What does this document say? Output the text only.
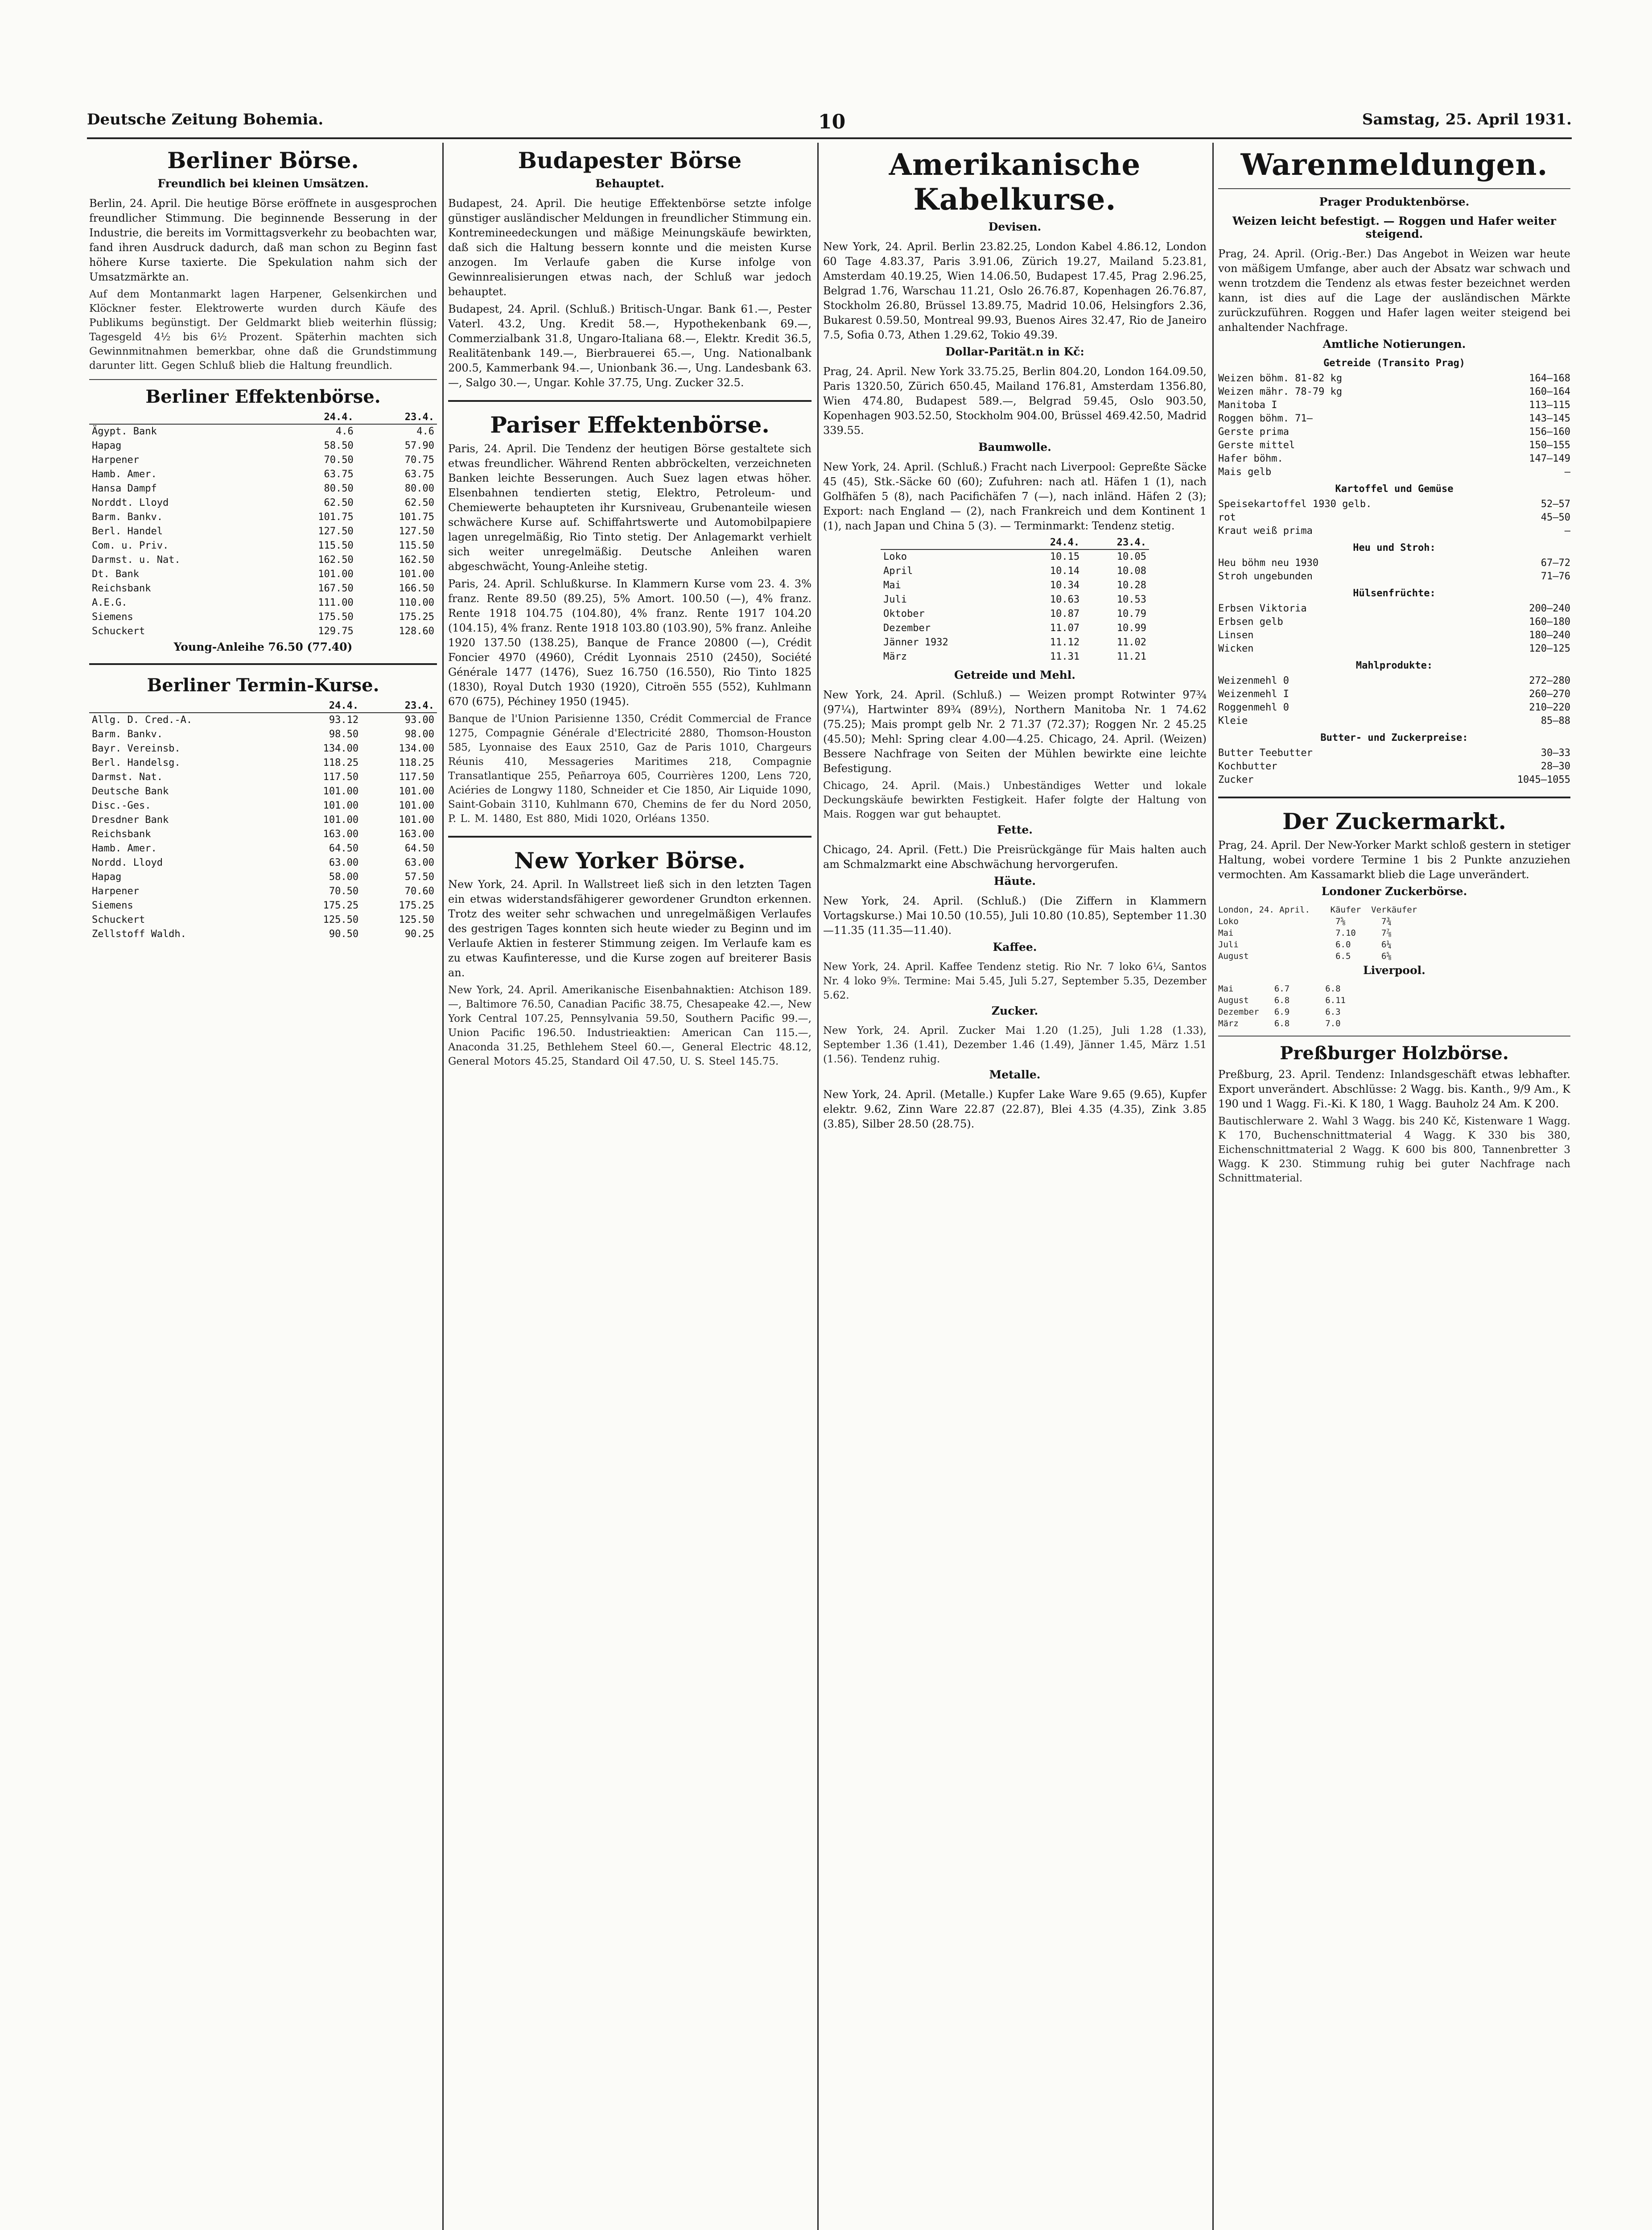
Deutsche Zeitung Bohemia.	10	Samstag, 25. April 1931.
Berliner Börse.
Freundlich bei kleinen Umsätzen.

Berlin, 24. April. Die heutige Börse eröffnete in ausgesprochen freundlicher Stimmung. Die beginnende Besserung in der Industrie, die bereits im Vormittagsverkehr zu beobachten war, fand ihren Ausdruck dadurch, daß man schon zu Beginn fast höhere Kurse taxierte. Die Spekulation nahm sich der Umsatzmärkte an.

Auf dem Montanmarkt lagen Harpener, Gelsenkirchen und Klöckner fester. Elektrowerte wurden durch Käufe des Publikums begünstigt. Der Geldmarkt blieb weiterhin flüssig; Tagesgeld 4½ bis 6½ Prozent. Späterhin machten sich Gewinnmitnahmen bemerkbar, ohne daß die Grundstimmung darunter litt. Gegen Schluß blieb die Haltung freundlich.
Berliner Effektenbörse.
	24.4.	23.4.
Ägypt. Bank	4.6	4.6
Hapag	58.50	57.90
Harpener	70.50	70.75
Hamb. Amer.	63.75	63.75
Hansa Dampf	80.50	80.00
Norddt. Lloyd	62.50	62.50
Barm. Bankv.	101.75	101.75
Berl. Handel	127.50	127.50
Com. u. Priv.	115.50	115.50
Darmst. u. Nat.	162.50	162.50
Dt. Bank	101.00	101.00
Reichsbank	167.50	166.50
A.E.G.	111.00	110.00
Siemens	175.50	175.25
Schuckert	129.75	128.60
Young-Anleihe 76.50 (77.40)
Berliner Termin-Kurse.
	24.4.	23.4.
Allg. D. Cred.-A.	93.12	93.00
Barm. Bankv.	98.50	98.00
Bayr. Vereinsb.	134.00	134.00
Berl. Handelsg.	118.25	118.25
Darmst. Nat.	117.50	117.50
Deutsche Bank	101.00	101.00
Disc.-Ges.	101.00	101.00
Dresdner Bank	101.00	101.00
Reichsbank	163.00	163.00
Hamb. Amer.	64.50	64.50
Nordd. Lloyd	63.00	63.00
Hapag	58.00	57.50
Harpener	70.50	70.60
Siemens	175.25	175.25
Schuckert	125.50	125.50
Zellstoff Waldh.	90.50	90.25
Budapester Börse
Behauptet.

Budapest, 24. April. Die heutige Effektenbörse setzte infolge günstiger ausländischer Meldungen in freundlicher Stimmung ein. Kontremineedeckungen und mäßige Meinungskäufe bewirkten, daß sich die Haltung bessern konnte und die meisten Kurse anzogen. Im Verlaufe gaben die Kurse infolge von Gewinnrealisierungen etwas nach, der Schluß war jedoch behauptet.

Budapest, 24. April. (Schluß.) Britisch-Ungar. Bank 61.—, Pester Vaterl. 43.2, Ung. Kredit 58.—, Hypothekenbank 69.—, Commerzialbank 31.8, Ungaro-Italiana 68.—, Elektr. Kredit 36.5, Realitätenbank 149.—, Bierbrauerei 65.—, Ung. Nationalbank 200.5, Kammerbank 94.—, Unionbank 36.—, Ung. Landesbank 63.—, Salgo 30.—, Ungar. Kohle 37.75, Ung. Zucker 32.5.

Pariser Effektenbörse.

Paris, 24. April. Die Tendenz der heutigen Börse gestaltete sich etwas freundlicher. Während Renten abbröckelten, verzeichneten Banken leichte Besserungen. Auch Suez lagen etwas höher. Elsenbahnen tendierten stetig, Elektro, Petroleum- und Chemiewerte behaupteten ihr Kursniveau, Grubenanteile wiesen schwächere Kurse auf. Schiffahrtswerte und Automobilpapiere lagen unregelmäßig, Rio Tinto stetig. Der Anlagemarkt verhielt sich weiter unregelmäßig. Deutsche Anleihen waren abgeschwächt, Young-Anleihe stetig.

Paris, 24. April. Schlußkurse. In Klammern Kurse vom 23. 4. 3% franz. Rente 89.50 (89.25), 5% Amort. 100.50 (—), 4% franz. Rente 1918 104.75 (104.80), 4% franz. Rente 1917 104.20 (104.15), 4% franz. Rente 1918 103.80 (103.90), 5% franz. Anleihe 1920 137.50 (138.25), Banque de France 20800 (—), Crédit Foncier 4970 (4960), Crédit Lyonnais 2510 (2450), Société Générale 1477 (1476), Suez 16.750 (16.550), Rio Tinto 1825 (1830), Royal Dutch 1930 (1920), Citroën 555 (552), Kuhlmann 670 (675), Péchiney 1950 (1945).

Banque de l'Union Parisienne 1350, Crédit Commercial de France 1275, Compagnie Générale d'Electricité 2880, Thomson-Houston 585, Lyonnaise des Eaux 2510, Gaz de Paris 1010, Chargeurs Réunis 410, Messageries Maritimes 218, Compagnie Transatlantique 255, Peñarroya 605, Courrières 1200, Lens 720, Aciéries de Longwy 1180, Schneider et Cie 1850, Air Liquide 1090, Saint-Gobain 3110, Kuhlmann 670, Chemins de fer du Nord 2050, P. L. M. 1480, Est 880, Midi 1020, Orléans 1350.
New Yorker Börse.

New York, 24. April. In Wallstreet ließ sich in den letzten Tagen ein etwas widerstandsfähigerer gewordener Grundton erkennen. Trotz des weiter sehr schwachen und unregelmäßigen Verlaufes des gestrigen Tages konnten sich heute wieder zu Beginn und im Verlaufe Aktien in festerer Stimmung zeigen. Im Verlaufe kam es zu etwas Kaufinteresse, und die Kurse zogen auf breiterer Basis an.

New York, 24. April. Amerikanische Eisenbahnaktien: Atchison 189.—, Baltimore 76.50, Canadian Pacific 38.75, Chesapeake 42.—, New York Central 107.25, Pennsylvania 59.50, Southern Pacific 99.—, Union Pacific 196.50. Industrieaktien: American Can 115.—, Anaconda 31.25, Bethlehem Steel 60.—, General Electric 48.12, General Motors 45.25, Standard Oil 47.50, U. S. Steel 145.75.
Amerikanische Kabelkurse.
Devisen.

New York, 24. April. Berlin 23.82.25, London Kabel 4.86.12, London 60 Tage 4.83.37, Paris 3.91.06, Zürich 19.27, Mailand 5.23.81, Amsterdam 40.19.25, Wien 14.06.50, Budapest 17.45, Prag 2.96.25, Belgrad 1.76, Warschau 11.21, Oslo 26.76.87, Kopenhagen 26.76.87, Stockholm 26.80, Brüssel 13.89.75, Madrid 10.06, Helsingfors 2.36, Bukarest 0.59.50, Montreal 99.93, Buenos Aires 32.47, Rio de Janeiro 7.5, Sofia 0.73, Athen 1.29.62, Tokio 49.39.

Dollar-Parität.n in Kč:

Prag, 24. April. New York 33.75.25, Berlin 804.20, London 164.09.50, Paris 1320.50, Zürich 650.45, Mailand 176.81, Amsterdam 1356.80, Wien 474.80, Budapest 589.—, Belgrad 59.45, Oslo 903.50, Kopenhagen 903.52.50, Stockholm 904.00, Brüssel 469.42.50, Madrid 339.55.

Baumwolle.

New York, 24. April. (Schluß.) Fracht nach Liverpool: Gepreßte Säcke 45 (45), Stk.-Säcke 60 (60); Zufuhren: nach atl. Häfen 1 (1), nach Golfhäfen 5 (8), nach Pacifichäfen 7 (—), nach inländ. Häfen 2 (3); Export: nach England — (2), nach Frankreich und dem Kontinent 1 (1), nach Japan und China 5 (3). — Terminmarkt: Tendenz stetig.

	24.4.	23.4.
Loko	10.15	10.05
April	10.14	10.08
Mai	10.34	10.28
Juli	10.63	10.53
Oktober	10.87	10.79
Dezember	11.07	10.99
Jänner 1932	11.12	11.02
März	11.31	11.21
Getreide und Mehl.

New York, 24. April. (Schluß.) — Weizen prompt Rotwinter 97¾ (97¼), Hartwinter 89¾ (89½), Northern Manitoba Nr. 1 74.62 (75.25); Mais prompt gelb Nr. 2 71.37 (72.37); Roggen Nr. 2 45.25 (45.50); Mehl: Spring clear 4.00—4.25. Chicago, 24. April. (Weizen) Bessere Nachfrage von Seiten der Mühlen bewirkte eine leichte Befestigung.

Chicago, 24. April. (Mais.) Unbeständiges Wetter und lokale Deckungskäufe bewirkten Festigkeit. Hafer folgte der Haltung von Mais. Roggen war gut behauptet.
Fette.

Chicago, 24. April. (Fett.) Die Preisrückgänge für Mais halten auch am Schmalzmarkt eine Abschwächung hervorgerufen.

Häute.

New York, 24. April. (Schluß.) (Die Ziffern in Klammern Vortagskurse.) Mai 10.50 (10.55), Juli 10.80 (10.85), September 11.30—11.35 (11.35—11.40).

Kaffee.
New York, 24. April. Kaffee Tendenz stetig. Rio Nr. 7 loko 6¼, Santos Nr. 4 loko 9⅝. Termine: Mai 5.45, Juli 5.27, September 5.35, Dezember 5.62.
Zucker.
New York, 24. April. Zucker Mai 1.20 (1.25), Juli 1.28 (1.33), September 1.36 (1.41), Dezember 1.46 (1.49), Jänner 1.45, März 1.51 (1.56). Tendenz ruhig.
Metalle.

New York, 24. April. (Metalle.) Kupfer Lake Ware 9.65 (9.65), Kupfer elektr. 9.62, Zinn Ware 22.87 (22.87), Blei 4.35 (4.35), Zink 3.85 (3.85), Silber 28.50 (28.75).

Warenmeldungen.
Prager Produktenbörse.
Weizen leicht befestigt. — Roggen und Hafer weiter steigend.

Prag, 24. April. (Orig.-Ber.) Das Angebot in Weizen war heute von mäßigem Umfange, aber auch der Absatz war schwach und wenn trotzdem die Tendenz als etwas fester bezeichnet werden kann, ist dies auf die Lage der ausländischen Märkte zurückzuführen. Roggen und Hafer lagen weiter steigend bei anhaltender Nachfrage.

Amtliche Notierungen.
Getreide (Transito Prag)
Weizen böhm. 81-82 kg	164—168
Weizen mähr. 78-79 kg	160—164
Manitoba I	113—115
Roggen böhm. 71—	143—145
Gerste prima	156—160
Gerste mittel	150—155
Hafer böhm.	147—149
Mais gelb	—
Kartoffel und Gemüse
Speisekartoffel 1930 gelb.	52—57
rot	45—50
Kraut weiß prima	—
Heu und Stroh:
Heu böhm neu 1930	67—72
Stroh ungebunden	71—76
Hülsenfrüchte:
Erbsen Viktoria	200—240
Erbsen gelb	160—180
Linsen	180—240
Wicken	120—125
Mahlprodukte:
Weizenmehl 0	272—280
Weizenmehl I	260—270
Roggenmehl 0	210—220
Kleie	85—88
Butter- und Zuckerpreise:
Butter Teebutter	30—33
Kochbutter	28—30
Zucker	1045—1055
Der Zuckermarkt.

Prag, 24. April. Der New-Yorker Markt schloß gestern in stetiger Haltung, wobei vordere Termine 1 bis 2 Punkte anzuziehen vermochten. Am Kassamarkt blieb die Lage unverändert.

Londoner Zuckerbörse.
London, 24. April.    Käufer  Verkäufer
Loko                   7⅝       7¾
Mai                    7.10     7⅞
Juli                   6.0      6¼
August                 6.5      6⅝
Liverpool.
Mai        6.7       6.8
August     6.8       6.11
Dezember   6.9       6.3
März       6.8       7.0
Preßburger Holzbörse.

Preßburg, 23. April. Tendenz: Inlandsgeschäft etwas lebhafter. Export unverändert. Abschlüsse: 2 Wagg. bis. Kanth., 9/9 Am., K 190 und 1 Wagg. Fi.-Ki. K 180, 1 Wagg. Bauholz 24 Am. K 200.

Bautischlerware 2. Wahl 3 Wagg. bis 240 Kč, Kistenware 1 Wagg. K 170, Buchenschnittmaterial 4 Wagg. K 330 bis 380, Eichenschnittmaterial 2 Wagg. K 600 bis 800, Tannenbretter 3 Wagg. K 230. Stimmung ruhig bei guter Nachfrage nach Schnittmaterial.
